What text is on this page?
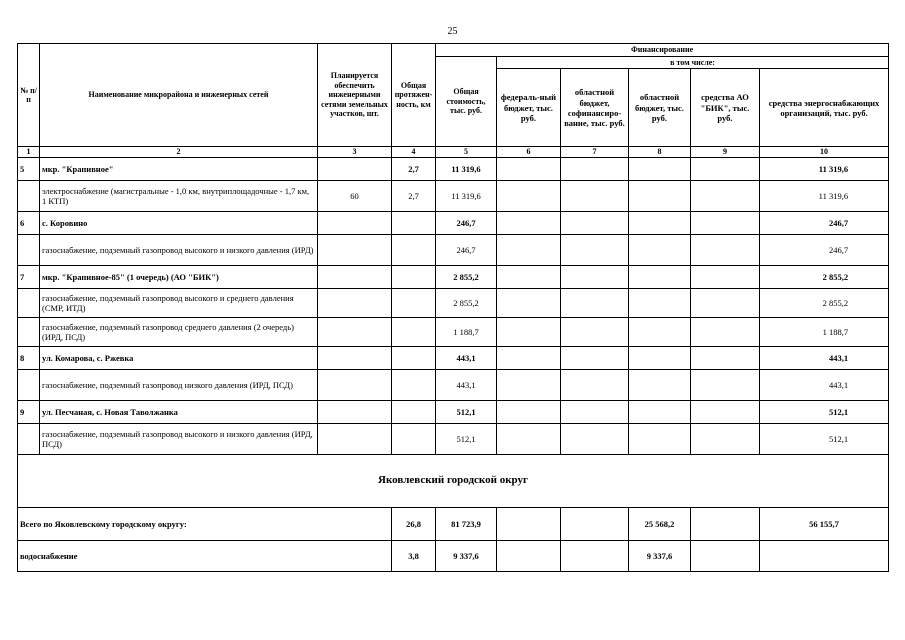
25
№ п/п	Наименование микрорайона и инженерных сетей	Планируется обеспечить инженерными сетями земельных участков, шт.	Общая протяжен-ность, км	Финансирование					
				Общая стоимость, тыс. руб.	в том числе:				
					федераль-ный бюджет, тыс. руб.	областной бюджет, софинансиро-вание, тыс. руб.	областной бюджет, тыс. руб.	средства АО "БИК", тыс. руб.	средства энергоснабжающих организаций, тыс. руб.
1	2	3	4	5	6	7	8	9	10
5	мкр. "Крапивное"		2,7	11 319,6					11 319,6
	электроснабжение (магистральные - 1,0 км, внутриплощадочные - 1,7 км, 1 КТП)	60	2,7	11 319,6					11 319,6
6	с. Коровино			246,7					246,7
	газоснабжение, подземный газопровод высокого и низкого давления (ИРД)			246,7					246,7
7	мкр. "Крапивное-85" (1 очередь) (АО "БИК")			2 855,2					2 855,2
	газоснабжение, подземный газопровод высокого и среднего давления (СМР, ИТД)			2 855,2					2 855,2
	газоснабжение, подземный газопровод среднего давления (2 очередь) (ИРД, ПСД)			1 188,7					1 188,7
8	ул. Комарова, с. Ржевка			443,1					443,1
	газоснабжение, подземный газопровод низкого давления (ИРД, ПСД)			443,1					443,1
9	ул. Песчаная, с. Новая Таволжанка			512,1					512,1
	газоснабжение, подземный газопровод высокого и низкого давления (ИРД, ПСД)			512,1					512,1
Яковлевский городской округ									
Всего по Яковлевскому городскому округу:			26,8	81 723,9			25 568,2		56 155,7
водоснабжение			3,8	9 337,6			9 337,6		
